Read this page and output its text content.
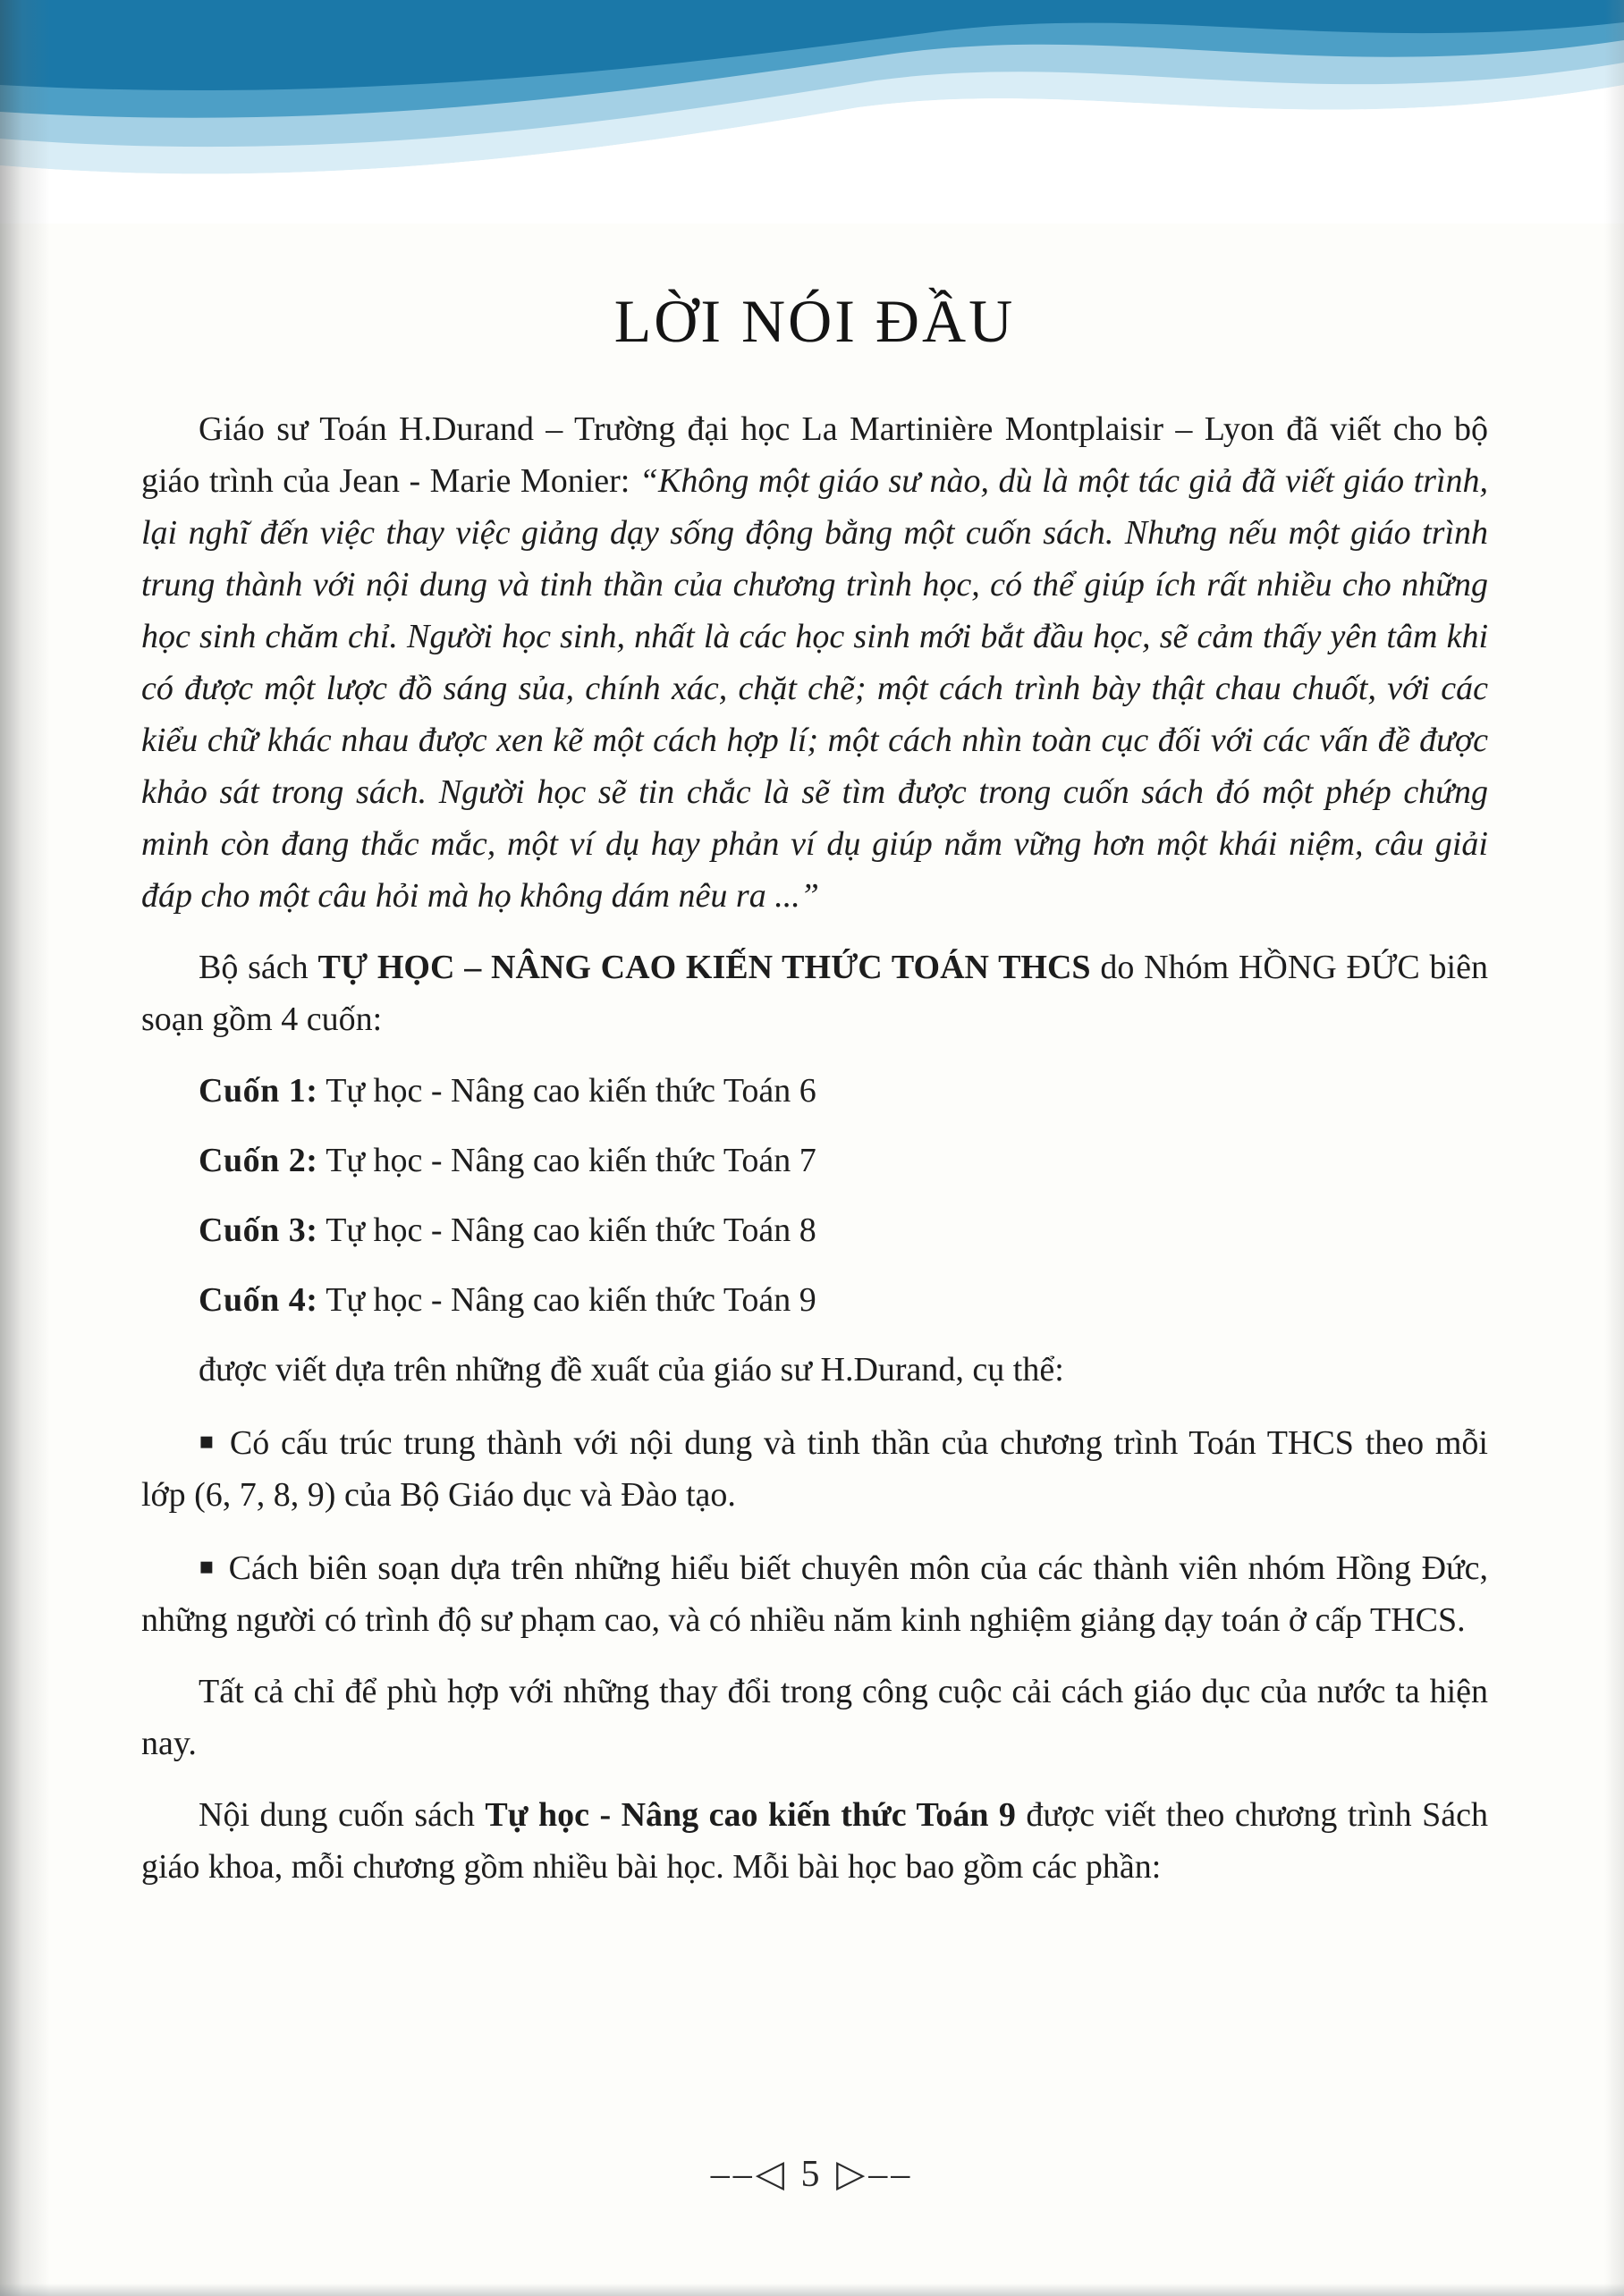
LỜI NÓI ĐẦU

Giáo sư Toán H.Durand – Trường đại học La Martinière Montplaisir – Lyon đã viết cho bộ giáo trình của Jean - Marie Monier: “Không một giáo sư nào, dù là một tác giả đã viết giáo trình, lại nghĩ đến việc thay việc giảng dạy sống động bằng một cuốn sách. Nhưng nếu một giáo trình trung thành với nội dung và tinh thần của chương trình học, có thể giúp ích rất nhiều cho những học sinh chăm chỉ. Người học sinh, nhất là các học sinh mới bắt đầu học, sẽ cảm thấy yên tâm khi có được một lược đồ sáng sủa, chính xác, chặt chẽ; một cách trình bày thật chau chuốt, với các kiểu chữ khác nhau được xen kẽ một cách hợp lí; một cách nhìn toàn cục đối với các vấn đề được khảo sát trong sách. Người học sẽ tin chắc là sẽ tìm được trong cuốn sách đó một phép chứng minh còn đang thắc mắc, một ví dụ hay phản ví dụ giúp nắm vững hơn một khái niệm, câu giải đáp cho một câu hỏi mà họ không dám nêu ra ...”

Bộ sách TỰ HỌC – NÂNG CAO KIẾN THỨC TOÁN THCS do Nhóm HỒNG ĐỨC biên soạn gồm 4 cuốn:

Cuốn 1: Tự học - Nâng cao kiến thức Toán 6

Cuốn 2: Tự học - Nâng cao kiến thức Toán 7

Cuốn 3: Tự học - Nâng cao kiến thức Toán 8

Cuốn 4: Tự học - Nâng cao kiến thức Toán 9

được viết dựa trên những đề xuất của giáo sư H.Durand, cụ thể:

▪ Có cấu trúc trung thành với nội dung và tinh thần của chương trình Toán THCS theo mỗi lớp (6, 7, 8, 9) của Bộ Giáo dục và Đào tạo.

▪ Cách biên soạn dựa trên những hiểu biết chuyên môn của các thành viên nhóm Hồng Đức, những người có trình độ sư phạm cao, và có nhiều năm kinh nghiệm giảng dạy toán ở cấp THCS.

Tất cả chỉ để phù hợp với những thay đổi trong công cuộc cải cách giáo dục của nước ta hiện nay.

Nội dung cuốn sách Tự học - Nâng cao kiến thức Toán 9 được viết theo chương trình Sách giáo khoa, mỗi chương gồm nhiều bài học. Mỗi bài học bao gồm các phần:

––◁ 5 ▷––
